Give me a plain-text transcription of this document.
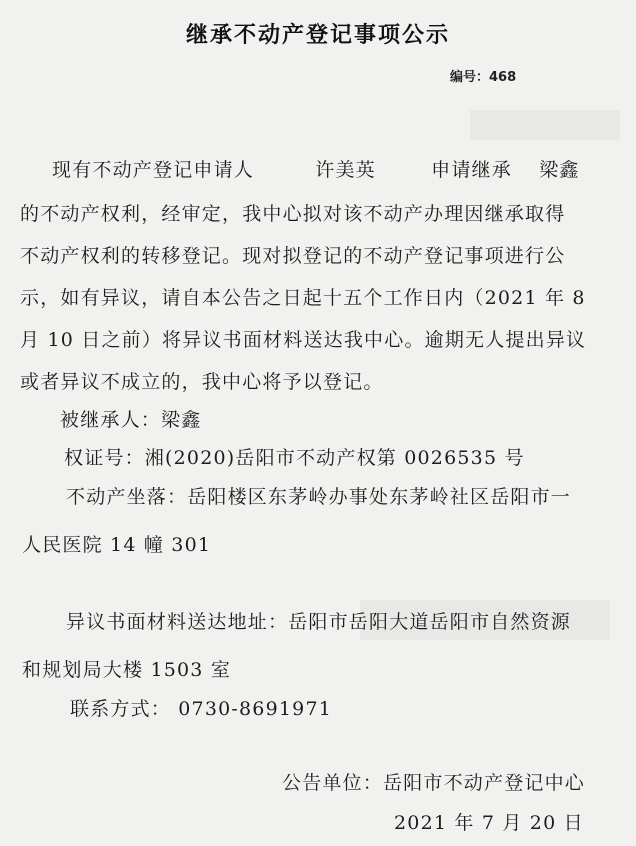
继承不动产登记事项公示
编号：468
现有不动产登记申请人	许美英	申请继承 梁鑫
的不动产权利，经审定，我中心拟对该不动产办理因继承取得
不动产权利的转移登记。现对拟登记的不动产登记事项进行公
示，如有异议，请自本公告之日起十五个工作日内（2021 年 8
月 10 日之前）将异议书面材料送达我中心。逾期无人提出异议
或者异议不成立的，我中心将予以登记。
被继承人：梁鑫
权证号：湘(2020)岳阳市不动产权第 0026535 号
不动产坐落：岳阳楼区东茅岭办事处东茅岭社区岳阳市一
人民医院 14 幢 301
异议书面材料送达地址：岳阳市岳阳大道岳阳市自然资源
和规划局大楼 1503 室
联系方式： 0730-8691971
公告单位：岳阳市不动产登记中心
2021 年 7 月 20 日
